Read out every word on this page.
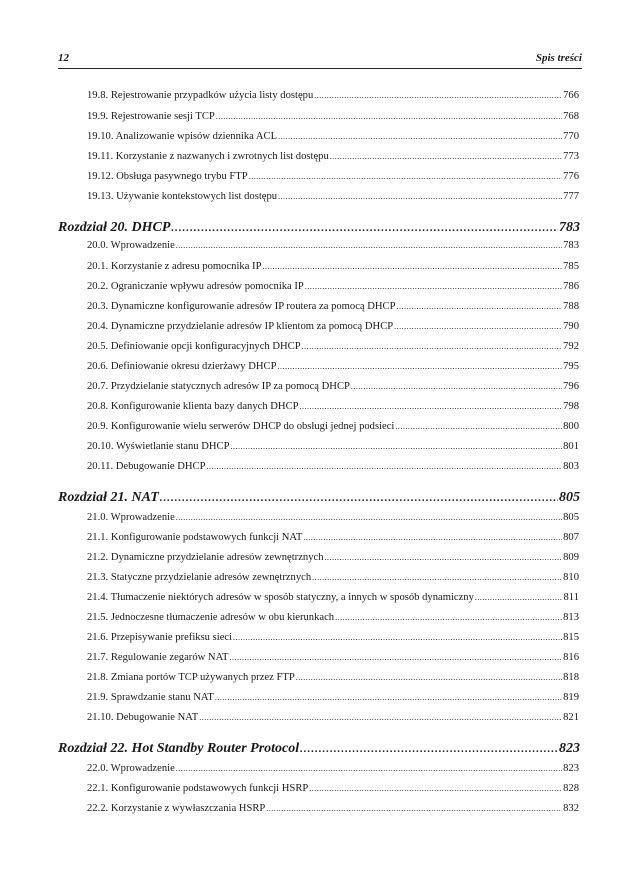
12	Spis treści
19.8. Rejestrowanie przypadków użycia listy dostępu .....	766
19.9. Rejestrowanie sesji TCP .....	768
19.10. Analizowanie wpisów dziennika ACL .....	770
19.11. Korzystanie z nazwanych i zwrotnych list dostępu .....	773
19.12. Obsługa pasywnego trybu FTP .....	776
19.13. Używanie kontekstowych list dostępu .....	777
Rozdział 20. DHCP .....	783
20.0. Wprowadzenie .....	783
20.1. Korzystanie z adresu pomocnika IP .....	785
20.2. Ograniczanie wpływu adresów pomocnika IP .....	786
20.3. Dynamiczne konfigurowanie adresów IP routera za pomocą DHCP .....	788
20.4. Dynamiczne przydzielanie adresów IP klientom za pomocą DHCP .....	790
20.5. Definiowanie opcji konfiguracyjnych DHCP .....	792
20.6. Definiowanie okresu dzierżawy DHCP .....	795
20.7. Przydzielanie statycznych adresów IP za pomocą DHCP .....	796
20.8. Konfigurowanie klienta bazy danych DHCP .....	798
20.9. Konfigurowanie wielu serwerów DHCP do obsługi jednej podsieci .....	800
20.10. Wyświetlanie stanu DHCP .....	801
20.11. Debugowanie DHCP .....	803
Rozdział 21. NAT .....	805
21.0. Wprowadzenie .....	805
21.1. Konfigurowanie podstawowych funkcji NAT .....	807
21.2. Dynamiczne przydzielanie adresów zewnętrznych .....	809
21.3. Statyczne przydzielanie adresów zewnętrznych .....	810
21.4. Tłumaczenie niektórych adresów w sposób statyczny, a innych w sposób dynamiczny .....	811
21.5. Jednoczesne tłumaczenie adresów w obu kierunkach .....	813
21.6. Przepisywanie prefiksu sieci .....	815
21.7. Regulowanie zegarów NAT .....	816
21.8. Zmiana portów TCP używanych przez FTP .....	818
21.9. Sprawdzanie stanu NAT .....	819
21.10. Debugowanie NAT .....	821
Rozdział 22. Hot Standby Router Protocol .....	823
22.0. Wprowadzenie .....	823
22.1. Konfigurowanie podstawowych funkcji HSRP .....	828
22.2. Korzystanie z wywłaszczania HSRP .....	832
